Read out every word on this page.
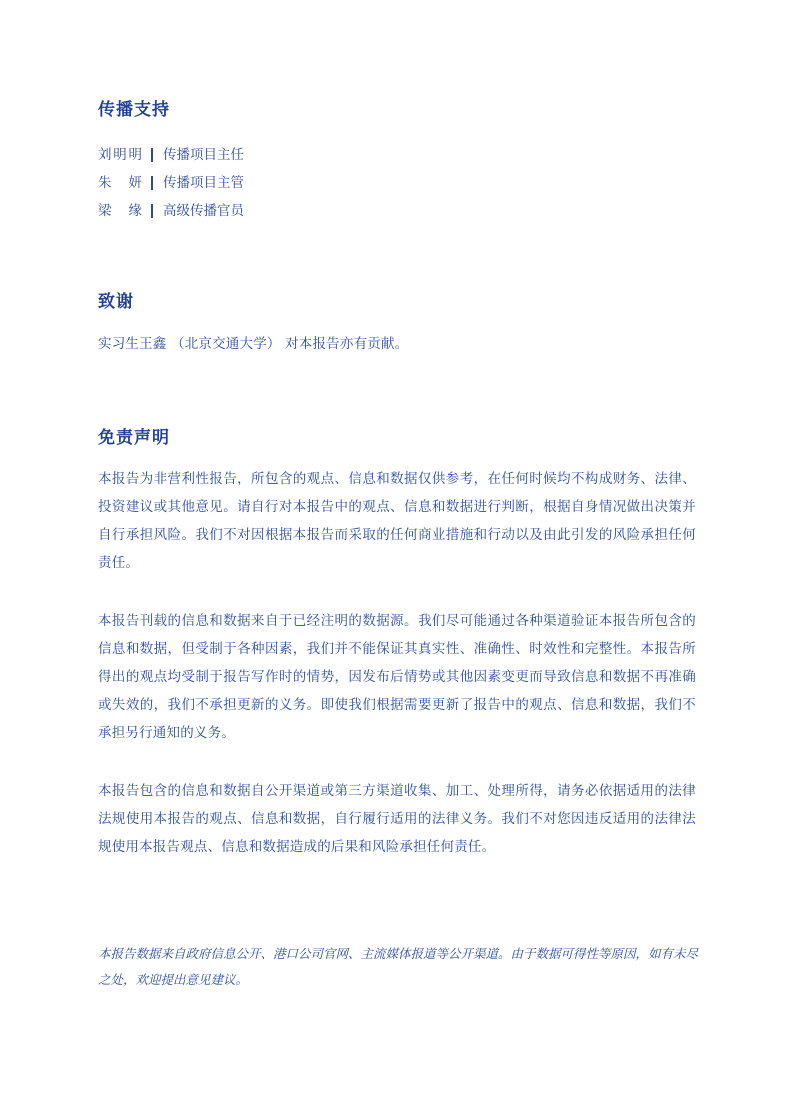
传播支持
刘明明 传播项目主任
朱 妍 传播项目主管
梁 缘 高级传播官员
致谢

实习生王鑫 （北京交通大学） 对本报告亦有贡献。

免责声明

本报告为非营利性报告，所包含的观点、信息和数据仅供参考，在任何时候均不构成财务、法律、投资建议或其他意见。请自行对本报告中的观点、信息和数据进行判断，根据自身情况做出决策并自行承担风险。我们不对因根据本报告而采取的任何商业措施和行动以及由此引发的风险承担任何责任。

本报告刊载的信息和数据来自于已经注明的数据源。我们尽可能通过各种渠道验证本报告所包含的信息和数据，但受制于各种因素，我们并不能保证其真实性、准确性、时效性和完整性。本报告所得出的观点均受制于报告写作时的情势，因发布后情势或其他因素变更而导致信息和数据不再准确或失效的，我们不承担更新的义务。即使我们根据需要更新了报告中的观点、信息和数据，我们不承担另行通知的义务。

本报告包含的信息和数据自公开渠道或第三方渠道收集、加工、处理所得，请务必依据适用的法律法规使用本报告的观点、信息和数据，自行履行适用的法律义务。我们不对您因违反适用的法律法规使用本报告观点、信息和数据造成的后果和风险承担任何责任。

本报告数据来自政府信息公开、港口公司官网、主流媒体报道等公开渠道。由于数据可得性等原因，如有未尽之处，欢迎提出意见建议。
